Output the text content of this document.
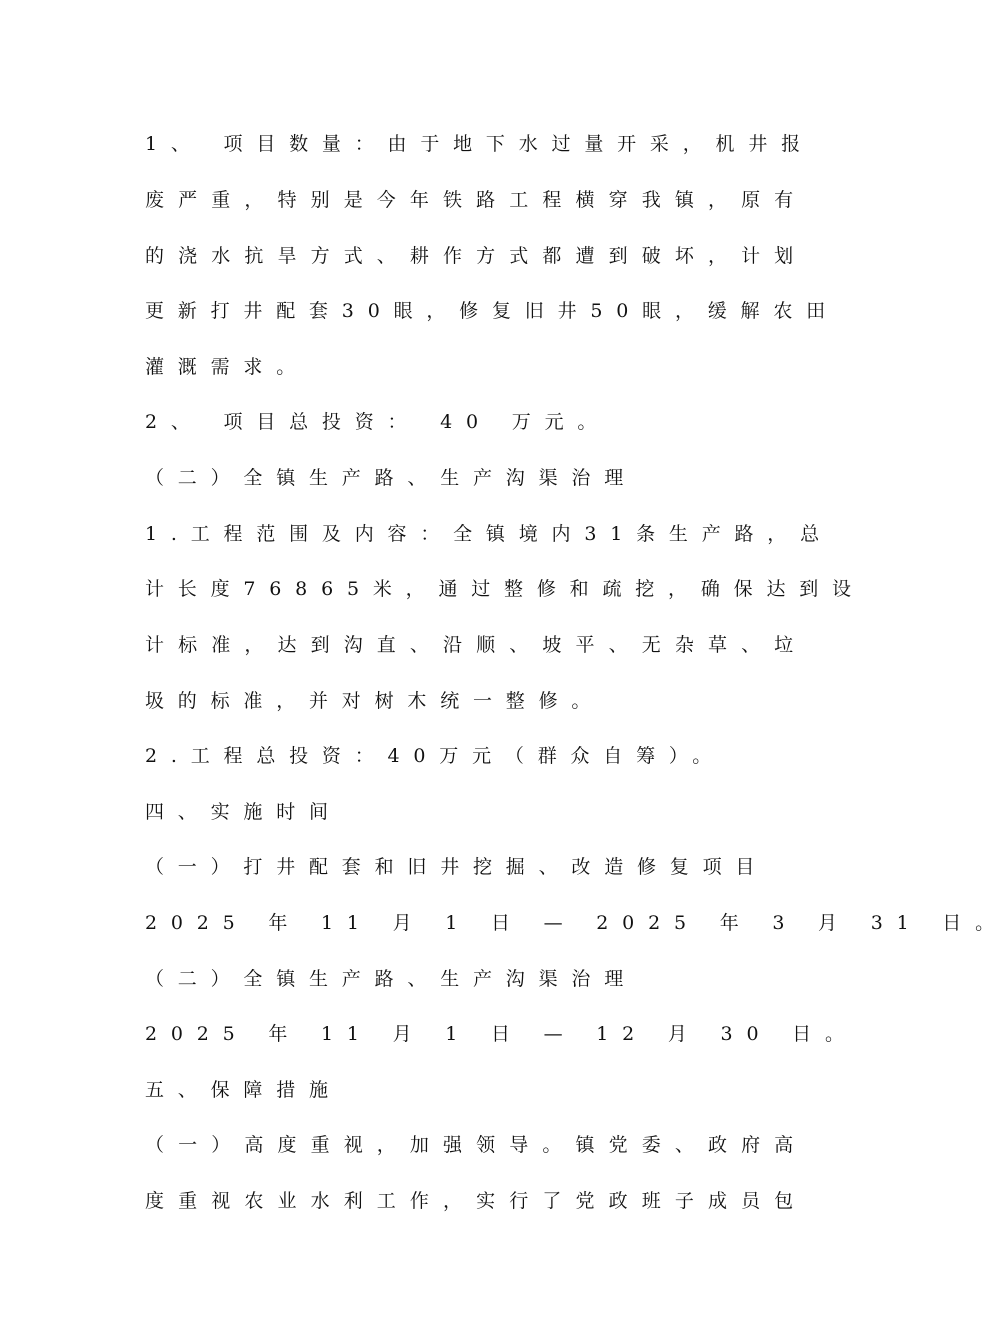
1、 项目数量：由于地下水过量开采，机井报
废严重，特别是今年铁路工程横穿我镇，原有
的浇水抗旱方式、耕作方式都遭到破坏，计划
更新打井配套30眼，修复旧井50眼，缓解农田
灌溉需求。
2、 项目总投资： 40 万元。
（二）全镇生产路、生产沟渠治理
1.工程范围及内容：全镇境内31条生产路，总
计长度76865米，通过整修和疏挖，确保达到设
计标准，达到沟直、沿顺、坡平、无杂草、垃
圾的标准，并对树木统一整修。
2.工程总投资：40万元（群众自筹）。
四、实施时间
（一）打井配套和旧井挖掘、改造修复项目
2025 年 11 月 1 日 — 2025 年 3 月 31 日。
（二）全镇生产路、生产沟渠治理
2025 年 11 月 1 日 — 12 月 30 日。
五、保障措施
（一）高度重视，加强领导。镇党委、政府高
度重视农业水利工作，实行了党政班子成员包
